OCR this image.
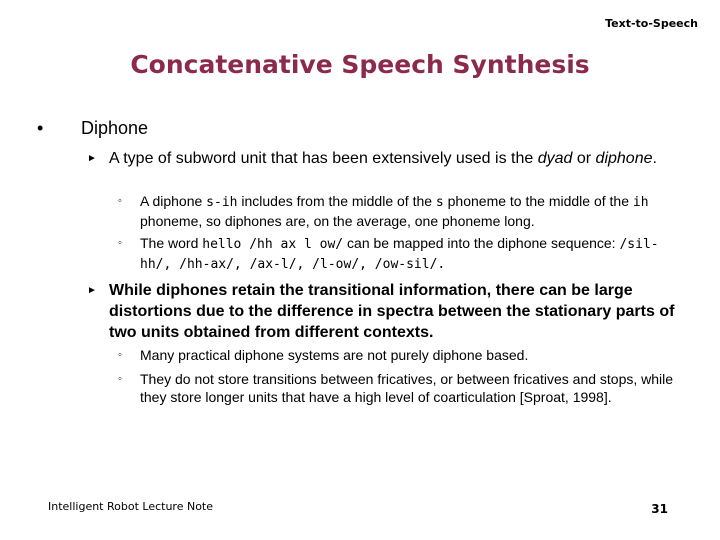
Text-to-Speech
Concatenative Speech Synthesis
•	Diphone
► A type of subword unit that has been extensively used is the dyad or diphone.
◦	A diphone s-ih includes from the middle of the s phoneme to the middle of the ih phoneme, so diphones are, on the average, one phoneme long.
◦	The word hello /hh ax l ow/ can be mapped into the diphone sequence: /sil-hh/, /hh-ax/, /ax-l/, /l-ow/, /ow-sil/.
► While diphones retain the transitional information, there can be large distortions due to the difference in spectra between the stationary parts of two units obtained from different contexts.
◦	Many practical diphone systems are not purely diphone based.
◦	They do not store transitions between fricatives, or between fricatives and stops, while they store longer units that have a high level of coarticulation [Sproat, 1998].
Intelligent Robot Lecture Note	31
